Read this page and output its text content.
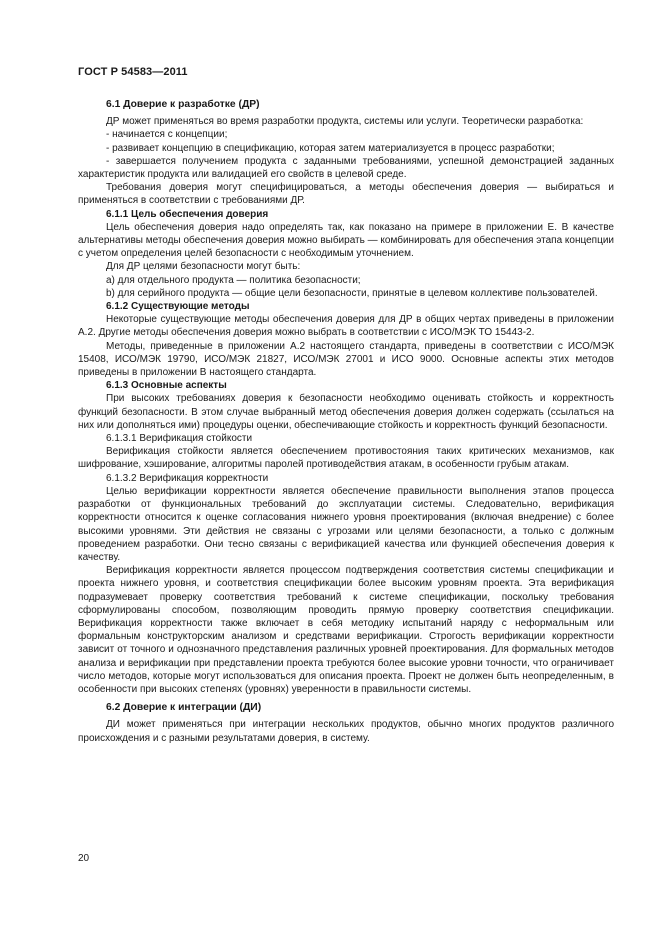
ГОСТ Р 54583—2011
6.1 Доверие к разработке (ДР)

ДР может применяться во время разработки продукта, системы или услуги. Теоретически разработка:

- начинается с концепции;

- развивает концепцию в спецификацию, которая затем материализуется в процесс разработки;

- завершается получением продукта с заданными требованиями, успешной демонстрацией заданных характеристик продукта или валидацией его свойств в целевой среде.

Требования доверия могут специфицироваться, а методы обеспечения доверия — выбираться и применяться в соответствии с требованиями ДР.

6.1.1 Цель обеспечения доверия

Цель обеспечения доверия надо определять так, как показано на примере в приложении Е. В качестве альтернативы методы обеспечения доверия можно выбирать — комбинировать для обеспечения этапа концепции с учетом определения целей безопасности с необходимым уточнением.

Для ДР целями безопасности могут быть:

a) для отдельного продукта — политика безопасности;

b) для серийного продукта — общие цели безопасности, принятые в целевом коллективе пользователей.

6.1.2 Существующие методы

Некоторые существующие методы обеспечения доверия для ДР в общих чертах приведены в приложении А.2. Другие методы обеспечения доверия можно выбрать в соответствии с ИСО/МЭК ТО 15443-2.

Методы, приведенные в приложении А.2 настоящего стандарта, приведены в соответствии с ИСО/МЭК 15408, ИСО/МЭК 19790, ИСО/МЭК 21827, ИСО/МЭК 27001 и ИСО 9000. Основные аспекты этих методов приведены в приложении В настоящего стандарта.

6.1.3 Основные аспекты

При высоких требованиях доверия к безопасности необходимо оценивать стойкость и корректность функций безопасности. В этом случае выбранный метод обеспечения доверия должен содержать (ссылаться на них или дополняться ими) процедуры оценки, обеспечивающие стойкость и корректность функций безопасности.

6.1.3.1 Верификация стойкости

Верификация стойкости является обеспечением противостояния таких критических механизмов, как шифрование, хэширование, алгоритмы паролей противодействия атакам, в особенности грубым атакам.

6.1.3.2 Верификация корректности

Целью верификации корректности является обеспечение правильности выполнения этапов процесса разработки от функциональных требований до эксплуатации системы. Следовательно, верификация корректности относится к оценке согласования нижнего уровня проектирования (включая внедрение) с более высокими уровнями. Эти действия не связаны с угрозами или целями безопасности, а только с должным проведением разработки. Они тесно связаны с верификацией качества или функцией обеспечения доверия к качеству.

Верификация корректности является процессом подтверждения соответствия системы спецификации и проекта нижнего уровня, и соответствия спецификации более высоким уровням проекта. Эта верификация подразумевает проверку соответствия требований к системе спецификации, поскольку требования сформулированы способом, позволяющим проводить прямую проверку соответствия спецификации. Верификация корректности также включает в себя методику испытаний наряду с неформальным или формальным конструкторским анализом и средствами верификации. Строгость верификации корректности зависит от точного и однозначного представления различных уровней проектирования. Для формальных методов анализа и верификации при представлении проекта требуются более высокие уровни точности, что ограничивает число методов, которые могут использоваться для описания проекта. Проект не должен быть неопределенным, в особенности при высоких степенях (уровнях) уверенности в правильности системы.

6.2 Доверие к интеграции (ДИ)

ДИ может применяться при интеграции нескольких продуктов, обычно многих продуктов различного происхождения и с разными результатами доверия, в систему.

20
